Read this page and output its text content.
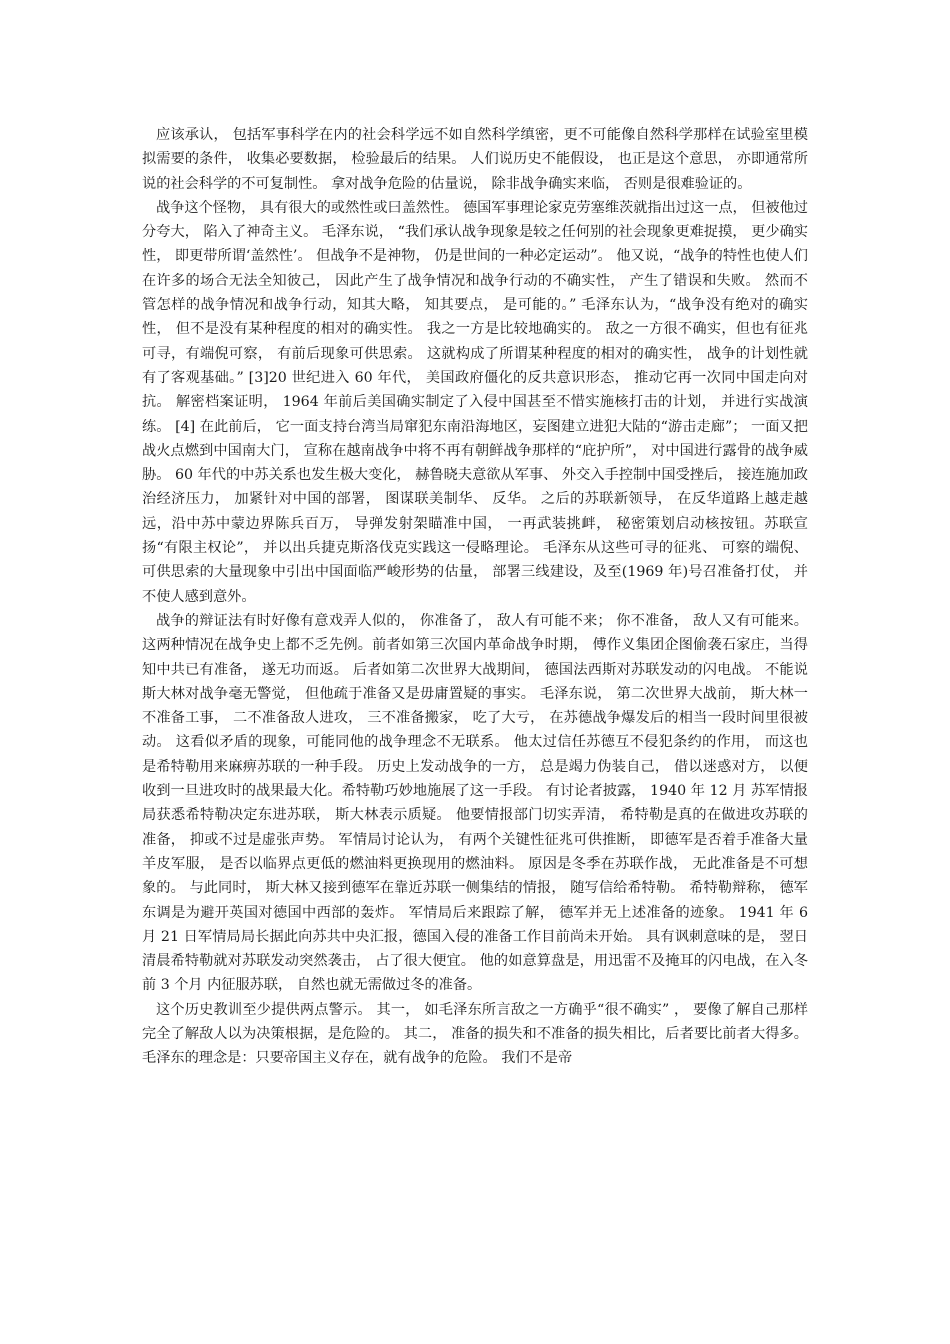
应该承认， 包括军事科学在内的社会科学远不如自然科学缜密，更不可能像自然科学那样在试验室里模拟需要的条件， 收集必要数据， 检验最后的结果。 人们说历史不能假设， 也正是这个意思， 亦即通常所说的社会科学的不可复制性。 拿对战争危险的估量说， 除非战争确实来临， 否则是很难验证的。

战争这个怪物， 具有很大的或然性或曰盖然性。 德国军事理论家克劳塞维茨就指出过这一点， 但被他过分夸大， 陷入了神奇主义。 毛泽东说， “我们承认战争现象是较之任何别的社会现象更难捉摸， 更少确实性， 即更带所谓‘盖然性’。 但战争不是神物， 仍是世间的一种必定运动”。 他又说，“战争的特性也使人们在许多的场合无法全知彼己， 因此产生了战争情况和战争行动的不确实性， 产生了错误和失败。 然而不管怎样的战争情况和战争行动，知其大略， 知其要点， 是可能的。” 毛泽东认为，“战争没有绝对的确实性， 但不是没有某种程度的相对的确实性。 我之一方是比较地确实的。 敌之一方很不确实，但也有征兆可寻，有端倪可察， 有前后现象可供思索。 这就构成了所谓某种程度的相对的确实性， 战争的计划性就有了客观基础。” [3]20 世纪进入 60 年代， 美国政府僵化的反共意识形态， 推动它再一次同中国走向对抗。 解密档案证明， 1964 年前后美国确实制定了入侵中国甚至不惜实施核打击的计划， 并进行实战演练。 [4] 在此前后， 它一面支持台湾当局窜犯东南沿海地区，妄图建立进犯大陆的“游击走廊”； 一面又把战火点燃到中国南大门， 宣称在越南战争中将不再有朝鲜战争那样的“庇护所”， 对中国进行露骨的战争威胁。 60 年代的中苏关系也发生极大变化， 赫鲁晓夫意欲从军事、 外交入手控制中国受挫后， 接连施加政治经济压力， 加紧针对中国的部署， 图谋联美制华、 反华。 之后的苏联新领导， 在反华道路上越走越远，沿中苏中蒙边界陈兵百万， 导弹发射架瞄准中国， 一再武装挑衅， 秘密策划启动核按钮。苏联宣扬“有限主权论”， 并以出兵捷克斯洛伐克实践这一侵略理论。 毛泽东从这些可寻的征兆、 可察的端倪、 可供思索的大量现象中引出中国面临严峻形势的估量， 部署三线建设，及至(1969 年)号召准备打仗， 并不使人感到意外。

战争的辩证法有时好像有意戏弄人似的， 你准备了， 敌人有可能不来； 你不准备， 敌人又有可能来。 这两种情况在战争史上都不乏先例。前者如第三次国内革命战争时期， 傅作义集团企图偷袭石家庄，当得知中共已有准备， 遂无功而返。 后者如第二次世界大战期间， 德国法西斯对苏联发动的闪电战。 不能说斯大林对战争毫无警觉， 但他疏于准备又是毋庸置疑的事实。 毛泽东说， 第二次世界大战前， 斯大林一不准备工事， 二不准备敌人进攻， 三不准备搬家， 吃了大亏， 在苏德战争爆发后的相当一段时间里很被动。 这看似矛盾的现象，可能同他的战争理念不无联系。 他太过信任苏德互不侵犯条约的作用， 而这也是希特勒用来麻痹苏联的一种手段。 历史上发动战争的一方， 总是竭力伪装自己， 借以迷惑对方， 以便收到一旦进攻时的战果最大化。希特勒巧妙地施展了这一手段。 有讨论者披露， 1940 年 12 月 苏军情报局获悉希特勒决定东进苏联， 斯大林表示质疑。 他要情报部门切实弄清， 希特勒是真的在做进攻苏联的准备， 抑或不过是虚张声势。 军情局讨论认为， 有两个关键性征兆可供推断， 即德军是否着手准备大量羊皮军服， 是否以临界点更低的燃油料更换现用的燃油料。 原因是冬季在苏联作战， 无此准备是不可想象的。 与此同时， 斯大林又接到德军在靠近苏联一侧集结的情报， 随写信给希特勒。 希特勒辩称， 德军东调是为避开英国对德国中西部的轰炸。 军情局后来跟踪了解， 德军并无上述准备的迹象。 1941 年 6 月 21 日军情局局长据此向苏共中央汇报，德国入侵的准备工作目前尚未开始。 具有讽刺意味的是， 翌日清晨希特勒就对苏联发动突然袭击， 占了很大便宜。 他的如意算盘是，用迅雷不及掩耳的闪电战，在入冬前 3 个月 内征服苏联， 自然也就无需做过冬的准备。

这个历史教训至少提供两点警示。 其一， 如毛泽东所言敌之一方确乎“很不确实” ， 要像了解自己那样完全了解敌人以为决策根据，是危险的。 其二， 准备的损失和不准备的损失相比，后者要比前者大得多。 毛泽东的理念是：只要帝国主义存在，就有战争的危险。 我们不是帝
